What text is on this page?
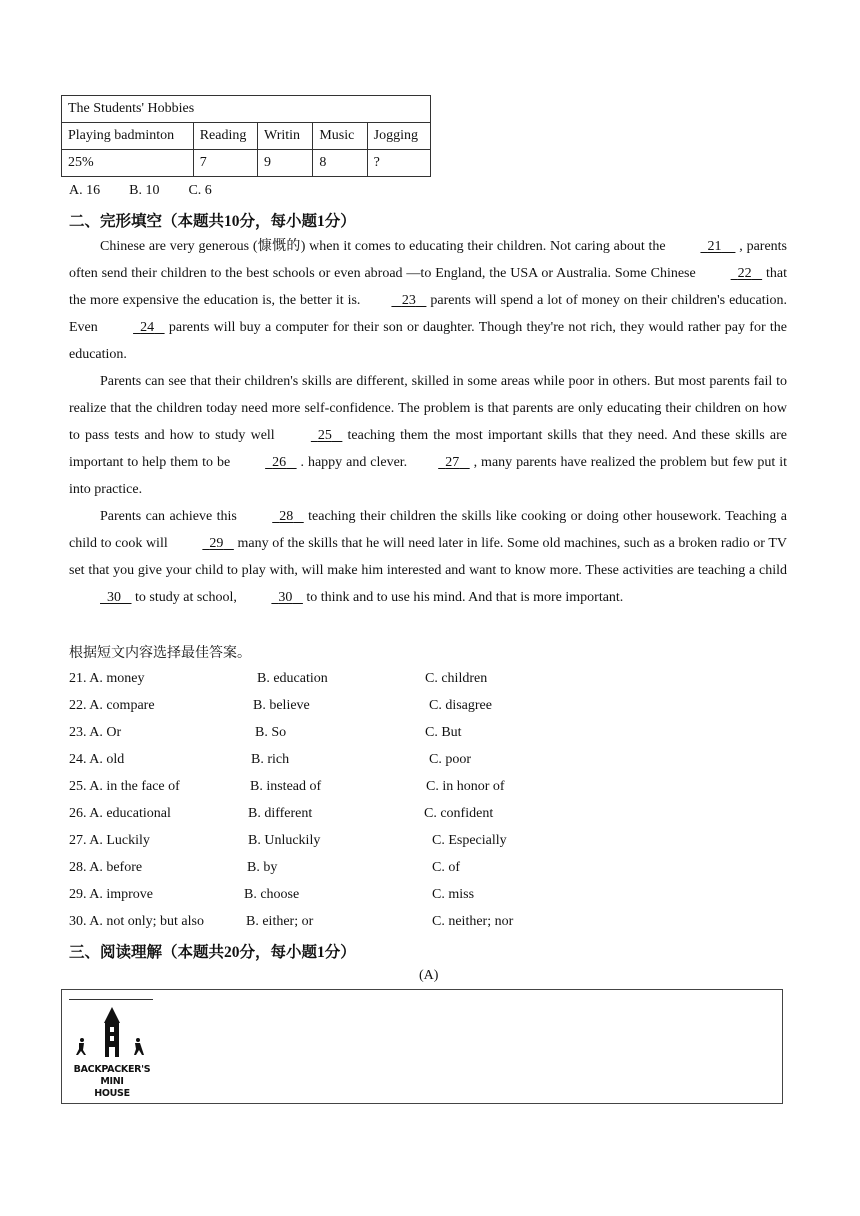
The Students' Hobbies				
Playing badminton	Reading	Writin	Music	Jogging
25%	7	9	8	?
A. 16 B. 10 C. 6
二、完形填空（本题共10分，每小题1分）

Chinese are very generous (慷慨的) when it comes to educating their children. Not caring about the	21     , parents often send their children to the best schools or even abroad —to England, the USA or Australia. Some Chinese	22    that the more expensive the education is, the better it is.	23    parents will spend a lot of money on their children's education. Even	24    parents will buy a computer for their son or daughter. Though they're not rich, they would rather pay for the education.

Parents can see that their children's skills are different, skilled in some areas while poor in others. But most parents fail to realize that the children today need more self-confidence. The problem is that parents are only educating their children on how to pass tests and how to study well	25    teaching them the most important skills that they need. And these skills are important to help them to be	26    . happy and clever.	27    , many parents have realized the problem but few put it into practice.

Parents can achieve this	28    teaching their children the skills like cooking or doing other housework. Teaching a child to cook will	29    many of the skills that he will need later in life. Some old machines, such as a broken radio or TV set that you give your child to play with, will make him interested and want to know more. These activities are teaching a child   30    to study at school,	30    to think and to use his mind. And that is more important.

根据短文内容选择最佳答案。
21. A. money	B. education	C. children
22. A. compare	B. believe	C. disagree
23. A. Or	B. So	C. But
24. A. old	B. rich	C. poor
25. A. in the face of	B. instead of	C. in honor of
26. A. educational	B. different	C. confident
27. A. Luckily	B. Unluckily	C. Especially
28. A. before	B. by	C. of
29. A. improve	B. choose	C. miss
30. A. not only; but also	B. either; or	C. neither; nor
三、阅读理解（本题共20分，每小题1分）
(A)
BACKPACKER'S
MINI
HOUSE
